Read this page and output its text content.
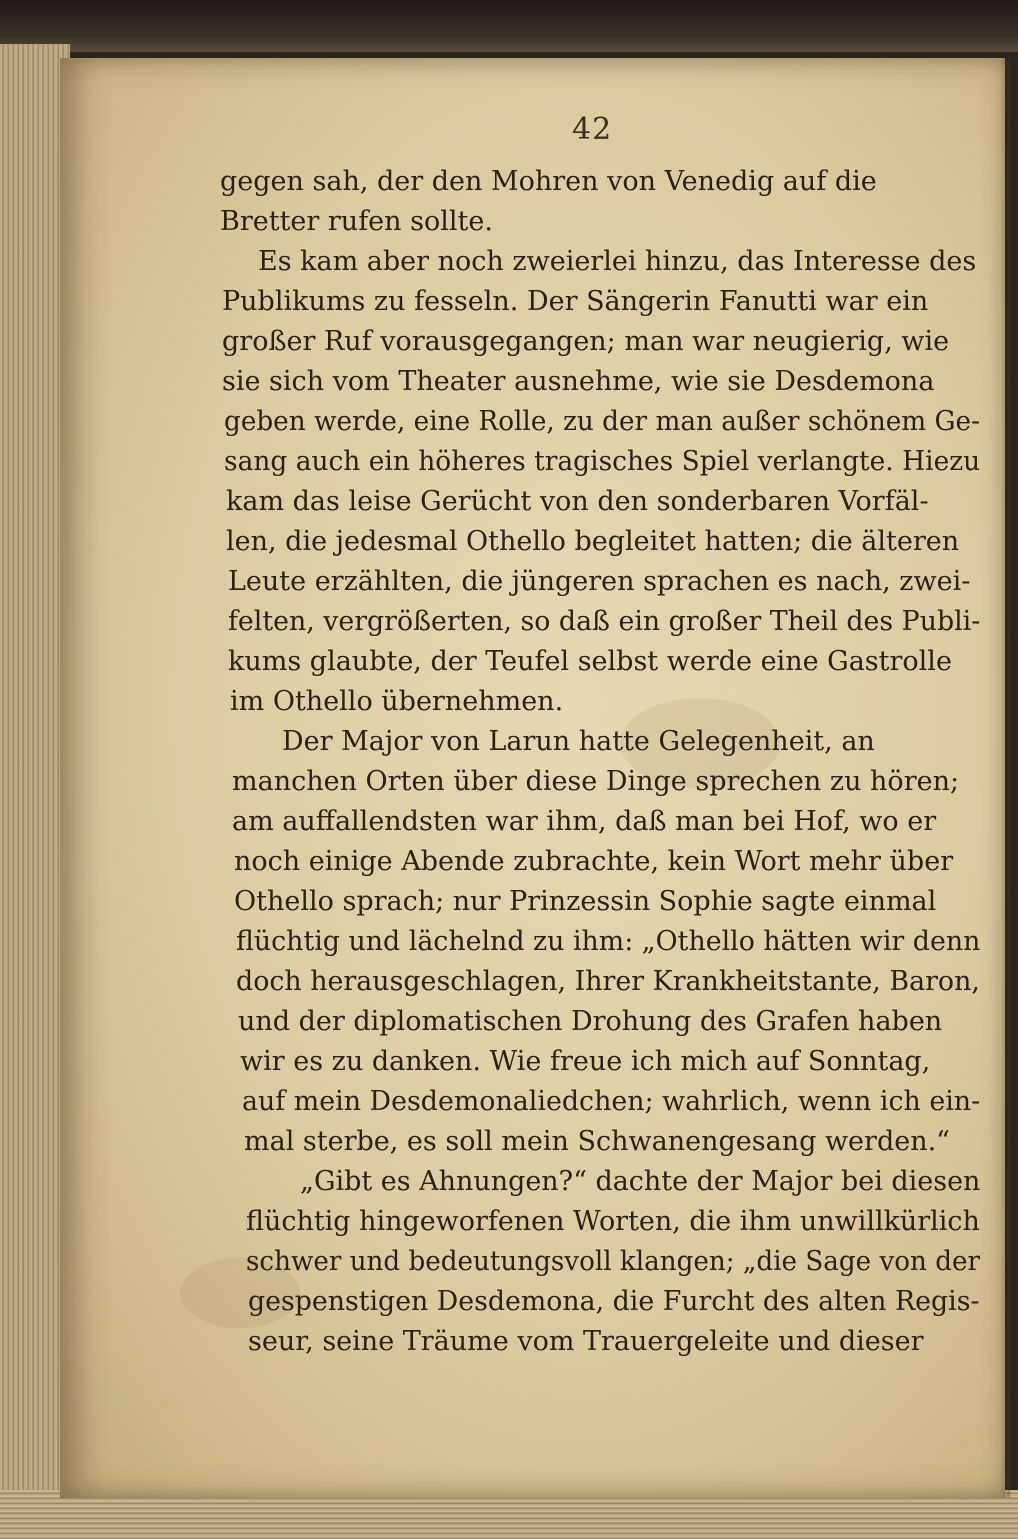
42
gegen sah, der den Mohren von Venedig auf die
Bretter rufen sollte.
Es kam aber noch zweierlei hinzu, das Interesse des
Publikums zu fesseln. Der Sängerin Fanutti war ein
großer Ruf vorausgegangen; man war neugierig, wie
sie sich vom Theater ausnehme, wie sie Desdemona
geben werde, eine Rolle, zu der man außer schönem Ge-
sang auch ein höheres tragisches Spiel verlangte. Hiezu
kam das leise Gerücht von den sonderbaren Vorfäl-
len, die jedesmal Othello begleitet hatten; die älteren
Leute erzählten, die jüngeren sprachen es nach, zwei-
felten, vergrößerten, so daß ein großer Theil des Publi-
kums glaubte, der Teufel selbst werde eine Gastrolle
im Othello übernehmen.
Der Major von Larun hatte Gelegenheit, an
manchen Orten über diese Dinge sprechen zu hören;
am auffallendsten war ihm, daß man bei Hof, wo er
noch einige Abende zubrachte, kein Wort mehr über
Othello sprach; nur Prinzessin Sophie sagte einmal
flüchtig und lächelnd zu ihm: „Othello hätten wir denn
doch herausgeschlagen, Ihrer Krankheitstante, Baron,
und der diplomatischen Drohung des Grafen haben
wir es zu danken. Wie freue ich mich auf Sonntag,
auf mein Desdemonaliedchen; wahrlich, wenn ich ein-
mal sterbe, es soll mein Schwanengesang werden.“
„Gibt es Ahnungen?“ dachte der Major bei diesen
flüchtig hingeworfenen Worten, die ihm unwillkürlich
schwer und bedeutungsvoll klangen; „die Sage von der
gespenstigen Desdemona, die Furcht des alten Regis-
seur, seine Träume vom Trauergeleite und dieser
